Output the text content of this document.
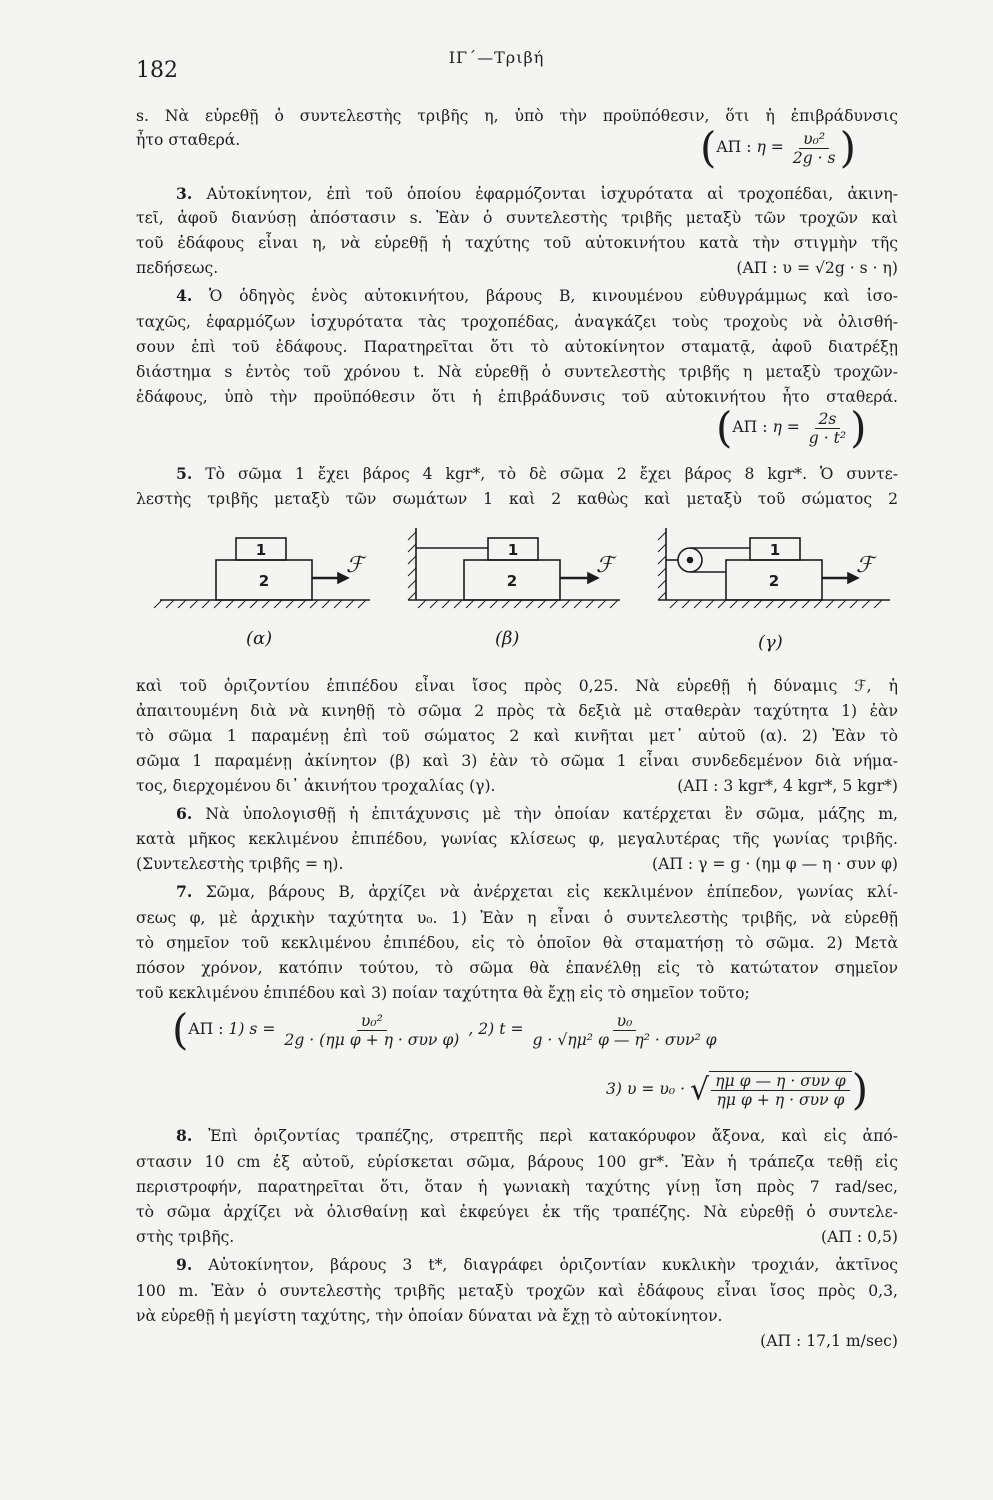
182
ΙΓ΄—Τριβή
s. Νὰ εὑρεθῇ ὁ συντελεστὴς τριβῆς η, ὑπὸ τὴν προϋπόθεσιν, ὅτι ἡ ἐπιβράδυνσις
ἦτο σταθερά.	(ΑΠ : $\eta = \frac{\text{υ₀²}}{2g \cdot s}$ )
3. Αὐτοκίνητον, ἐπὶ τοῦ ὁποίου ἐφαρμόζονται ἰσχυρότατα αἱ τροχοπέδαι, ἀκινη-
τεῖ, ἀφοῦ διανύσῃ ἀπόστασιν s. Ἐὰν ὁ συντελεστὴς τριβῆς μεταξὺ τῶν τροχῶν καὶ
τοῦ ἐδάφους εἶναι η, νὰ εὑρεθῇ ἡ ταχύτης τοῦ αὐτοκινήτου κατὰ τὴν στιγμὴν τῆς
πεδήσεως.	(ΑΠ : υ = √2g · s · η)
4. Ὁ ὁδηγὸς ἑνὸς αὐτοκινήτου, βάρους B, κινουμένου εὐθυγράμμως καὶ ἰσο-
ταχῶς, ἐφαρμόζων ἰσχυρότατα τὰς τροχοπέδας, ἀναγκάζει τοὺς τροχοὺς νὰ ὀλισθή-
σουν ἐπὶ τοῦ ἐδάφους. Παρατηρεῖται ὅτι τὸ αὐτοκίνητον σταματᾷ, ἀφοῦ διατρέξῃ
διάστημα s ἐντὸς τοῦ χρόνου t. Νὰ εὑρεθῇ ὁ συντελεστὴς τριβῆς η μεταξὺ τροχῶν-
ἐδάφους, ὑπὸ τὴν προϋπόθεσιν ὅτι ἡ ἐπιβράδυνσις τοῦ αὐτοκινήτου ἦτο σταθερά.
(ΑΠ : $\eta = \frac{2s}{\text{g · t²}}$ )
5. Τὸ σῶμα 1 ἔχει βάρος 4 kgr*, τὸ δὲ σῶμα 2 ἔχει βάρος 8 kgr*. Ὁ συντε-
λεστὴς τριβῆς μεταξὺ τῶν σωμάτων 1 καὶ 2 καθὼς καὶ μεταξὺ τοῦ σώματος 2
1
2
1
2
1
2
ℱ	ℱ	ℱ
(α)	(β)	(γ)
καὶ τοῦ ὁριζοντίου ἐπιπέδου εἶναι ἴσος πρὸς 0,25. Νὰ εὑρεθῇ ἡ δύναμις ℱ, ἡ
ἀπαιτουμένη διὰ νὰ κινηθῇ τὸ σῶμα 2 πρὸς τὰ δεξιὰ μὲ σταθερὰν ταχύτητα 1) ἐὰν
τὸ σῶμα 1 παραμένῃ ἐπὶ τοῦ σώματος 2 καὶ κινῆται μετ᾽ αὐτοῦ (α). 2) Ἐὰν τὸ
σῶμα 1 παραμένῃ ἀκίνητον (β) καὶ 3) ἐὰν τὸ σῶμα 1 εἶναι συνδεδεμένον διὰ νήμα-
τος, διερχομένου δι᾽ ἀκινήτου τροχαλίας (γ).	(ΑΠ : 3 kgr*, 4 kgr*, 5 kgr*)
6. Νὰ ὑπολογισθῇ ἡ ἐπιτάχυνσις μὲ τὴν ὁποίαν κατέρχεται ἓν σῶμα, μάζης m,
κατὰ μῆκος κεκλιμένου ἐπιπέδου, γωνίας κλίσεως φ, μεγαλυτέρας τῆς γωνίας τριβῆς.
(Συντελεστὴς τριβῆς = η).	(ΑΠ : γ = g · (ημ φ — η · συν φ)
7. Σῶμα, βάρους B, ἀρχίζει νὰ ἀνέρχεται εἰς κεκλιμένον ἐπίπεδον, γωνίας κλί-
σεως φ, μὲ ἀρχικὴν ταχύτητα υ₀. 1) Ἐὰν η εἶναι ὁ συντελεστὴς τριβῆς, νὰ εὑρεθῇ
τὸ σημεῖον τοῦ κεκλιμένου ἐπιπέδου, εἰς τὸ ὁποῖον θὰ σταματήσῃ τὸ σῶμα. 2) Μετὰ
πόσον χρόνον, κατόπιν τούτου, τὸ σῶμα θὰ ἐπανέλθῃ εἰς τὸ κατώτατον σημεῖον
τοῦ κεκλιμένου ἐπιπέδου καὶ 3) ποίαν ταχύτητα θὰ ἔχῃ εἰς τὸ σημεῖον τοῦτο;
(ΑΠ : 1) $s = \frac{\text{υ₀²}}{\text{2g · (ημ φ + η · συν φ)}}$ , 2) $t = \frac{\text{υ₀}}{\text{g · √ημ² φ — η² · συν² φ}}$
3) υ = υ₀ · √ $\frac{\text{ημ φ — η · συν φ}}{\text{ημ φ + η · συν φ}}$ )
8. Ἐπὶ ὁριζοντίας τραπέζης, στρεπτῆς περὶ κατακόρυφον ἄξονα, καὶ εἰς ἀπό-
στασιν 10 cm ἐξ αὐτοῦ, εὑρίσκεται σῶμα, βάρους 100 gr*. Ἐὰν ἡ τράπεζα τεθῇ εἰς
περιστροφήν, παρατηρεῖται ὅτι, ὅταν ἡ γωνιακὴ ταχύτης γίνῃ ἴση πρὸς 7 rad/sec,
τὸ σῶμα ἀρχίζει νὰ ὀλισθαίνῃ καὶ ἐκφεύγει ἐκ τῆς τραπέζης. Νὰ εὑρεθῇ ὁ συντελε-
στὴς τριβῆς.	(ΑΠ : 0,5)
9. Αὐτοκίνητον, βάρους 3 t*, διαγράφει ὁριζοντίαν κυκλικὴν τροχιάν, ἀκτῖνος
100 m. Ἐὰν ὁ συντελεστὴς τριβῆς μεταξὺ τροχῶν καὶ ἐδάφους εἶναι ἴσος πρὸς 0,3,
νὰ εὑρεθῇ ἡ μεγίστη ταχύτης, τὴν ὁποίαν δύναται νὰ ἔχῃ τὸ αὐτοκίνητον.
(ΑΠ : 17,1 m/sec)
